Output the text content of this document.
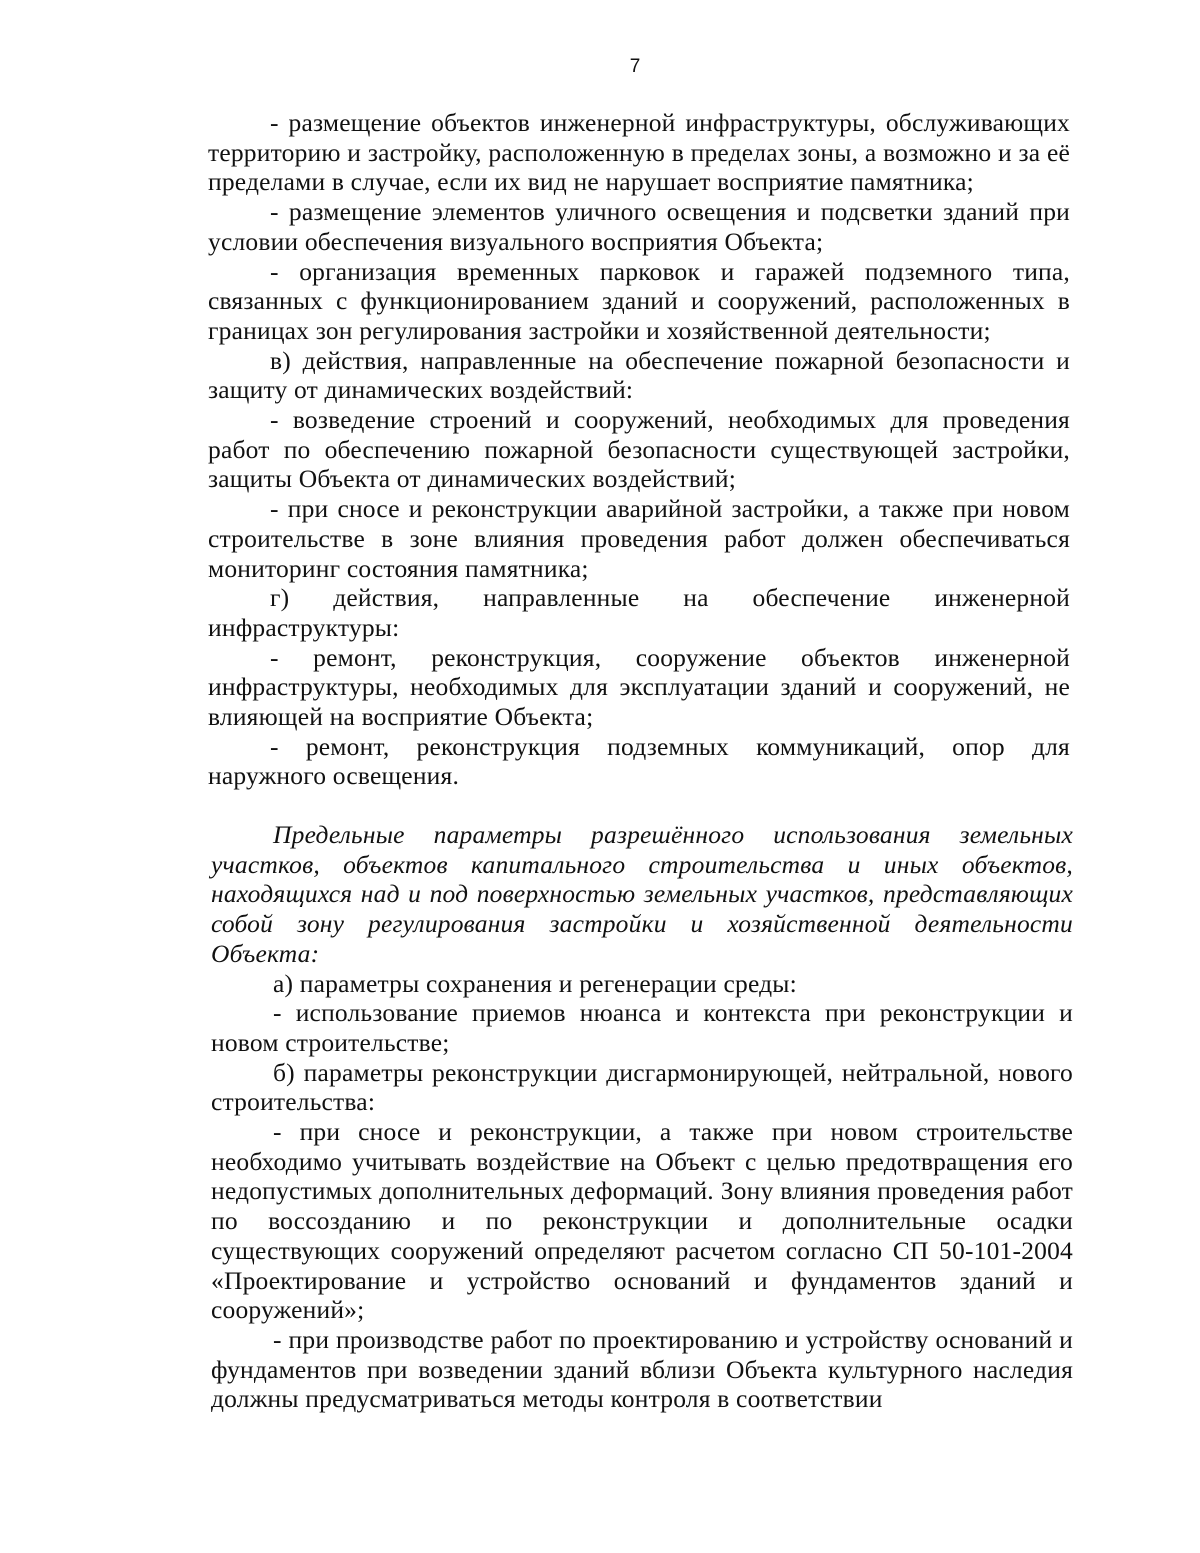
7

- размещение объектов инженерной инфраструктуры, обслуживающих территорию и застройку, расположенную в пределах зоны, а возможно и за её пределами в случае, если их вид не нарушает восприятие памятника;

- размещение элементов уличного освещения и подсветки зданий при условии обеспечения визуального восприятия Объекта;

- организация временных парковок и гаражей подземного типа, связанных с функционированием зданий и сооружений, расположенных в границах зон регулирования застройки и хозяйственной деятельности;

в) действия, направленные на обеспечение пожарной безопасности и защиту от динамических воздействий:

- возведение строений и сооружений, необходимых для проведения работ по обеспечению пожарной безопасности существующей застройки, защиты Объекта от динамических воздействий;

- при сносе и реконструкции аварийной застройки, а также при новом строительстве в зоне влияния проведения работ должен обеспечиваться мониторинг состояния памятника;

г) действия, направленные на обеспечение инженерной инфраструктуры:

- ремонт, реконструкция, сооружение объектов инженерной инфраструктуры, необходимых для эксплуатации зданий и сооружений, не влияющей на восприятие Объекта;

- ремонт, реконструкция подземных коммуникаций, опор для наружного освещения.

Предельные параметры разрешённого использования земельных участков, объектов капитального строительства и иных объектов, находящихся над и под поверхностью земельных участков, представляющих собой зону регулирования застройки и хозяйственной деятельности Объекта:

а) параметры сохранения и регенерации среды:

- использование приемов нюанса и контекста при реконструкции и новом строительстве;

б) параметры реконструкции дисгармонирующей, нейтральной, нового строительства:

- при сносе и реконструкции, а также при новом строительстве необходимо учитывать воздействие на Объект с целью предотвращения его недопустимых дополнительных деформаций. Зону влияния проведения работ по воссозданию и по реконструкции и дополнительные осадки существующих сооружений определяют расчетом согласно СП 50-101-2004 «Проектирование и устройство оснований и фундаментов зданий и сооружений»;

- при производстве работ по проектированию и устройству оснований и фундаментов при возведении зданий вблизи Объекта культурного наследия должны предусматриваться методы контроля в соответствии
